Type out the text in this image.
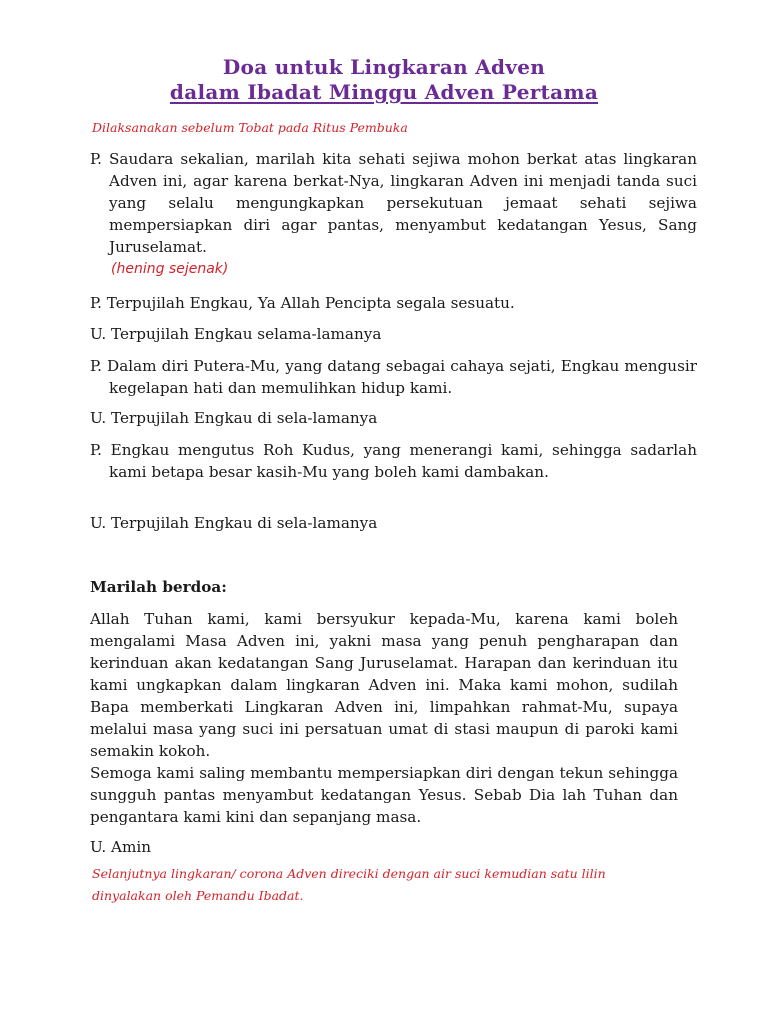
Doa untuk Lingkaran Adven
dalam Ibadat Minggu Adven Pertama
Dilaksanakan sebelum Tobat pada Ritus Pembuka
P. Saudara sekalian, marilah kita sehati sejiwa mohon berkat atas lingkaran Adven ini, agar karena berkat-Nya, lingkaran Adven ini menjadi tanda suci yang selalu mengungkapkan persekutuan jemaat sehati sejiwa mempersiapkan diri agar pantas, menyambut kedatangan Yesus, Sang Juruselamat.
(hening sejenak)
P. Terpujilah Engkau, Ya Allah Pencipta segala sesuatu.
U. Terpujilah Engkau selama-lamanya
P. Dalam diri Putera-Mu, yang datang sebagai cahaya sejati, Engkau mengusir kegelapan hati dan memulihkan hidup kami.
U. Terpujilah Engkau di sela-lamanya
P. Engkau mengutus Roh Kudus, yang menerangi kami, sehingga sadarlah kami betapa besar kasih-Mu yang boleh kami dambakan.
U. Terpujilah Engkau di sela-lamanya
Marilah berdoa:
Allah Tuhan kami, kami bersyukur kepada-Mu, karena kami boleh mengalami Masa Adven ini, yakni masa yang penuh pengharapan dan kerinduan akan kedatangan Sang Juruselamat. Harapan dan kerinduan itu kami ungkapkan dalam lingkaran Adven ini. Maka kami mohon, sudilah Bapa memberkati Lingkaran Adven ini, limpahkan rahmat-Mu, supaya melalui masa yang suci ini persatuan umat di stasi maupun di paroki kami semakin kokoh.
Semoga kami saling membantu mempersiapkan diri dengan tekun sehingga sungguh pantas menyambut kedatangan Yesus. Sebab Dia lah Tuhan dan pengantara kami kini dan sepanjang masa.
U. Amin
Selanjutnya lingkaran/ corona Adven direciki dengan air suci kemudian satu lilin dinyalakan oleh Pemandu Ibadat.
